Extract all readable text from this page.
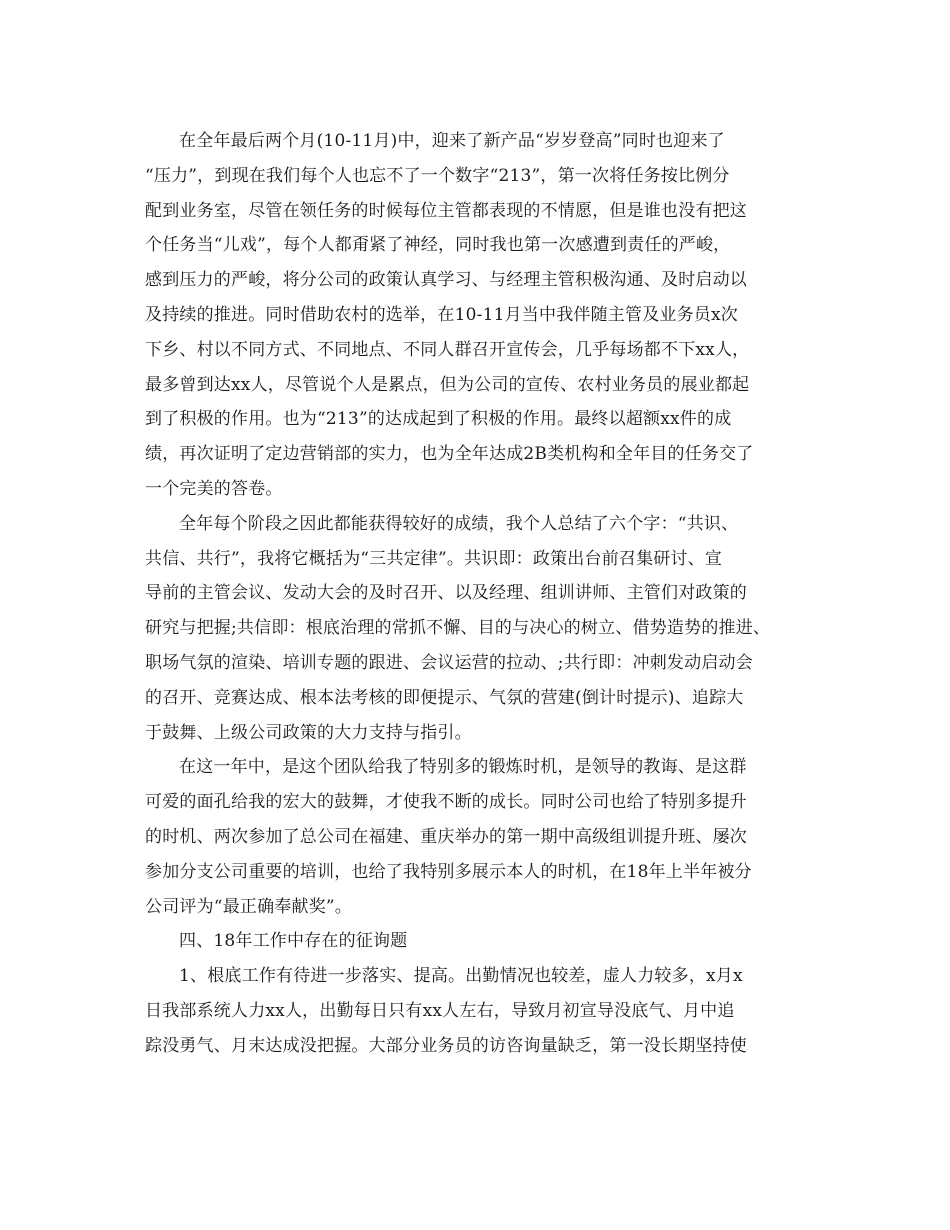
在全年最后两个月(10-11月)中，迎来了新产品“岁岁登高”同时也迎来了
“压力”，到现在我们每个人也忘不了一个数字“213”，第一次将任务按比例分
配到业务室，尽管在领任务的时候每位主管都表现的不情愿，但是谁也没有把这
个任务当“儿戏”，每个人都甭紧了神经，同时我也第一次感遭到责任的严峻，
感到压力的严峻，将分公司的政策认真学习、与经理主管积极沟通、及时启动以
及持续的推进。同时借助农村的选举，在10-11月当中我伴随主管及业务员x次
下乡、村以不同方式、不同地点、不同人群召开宣传会，几乎每场都不下xx人，
最多曾到达xx人，尽管说个人是累点，但为公司的宣传、农村业务员的展业都起
到了积极的作用。也为“213”的达成起到了积极的作用。最终以超额xx件的成
绩，再次证明了定边营销部的实力，也为全年达成2B类机构和全年目的任务交了
一个完美的答卷。
全年每个阶段之因此都能获得较好的成绩，我个人总结了六个字：“共识、
共信、共行”，我将它概括为“三共定律”。共识即：政策出台前召集研讨、宣
导前的主管会议、发动大会的及时召开、以及经理、组训讲师、主管们对政策的
研究与把握;共信即：根底治理的常抓不懈、目的与决心的树立、借势造势的推进、
职场气氛的渲染、培训专题的跟进、会议运营的拉动、;共行即：冲刺发动启动会
的召开、竞赛达成、根本法考核的即便提示、气氛的营建(倒计时提示)、追踪大
于鼓舞、上级公司政策的大力支持与指引。
在这一年中，是这个团队给我了特别多的锻炼时机，是领导的教诲、是这群
可爱的面孔给我的宏大的鼓舞，才使我不断的成长。同时公司也给了特别多提升
的时机、两次参加了总公司在福建、重庆举办的第一期中高级组训提升班、屡次
参加分支公司重要的培训，也给了我特别多展示本人的时机，在18年上半年被分
公司评为“最正确奉献奖”。
四、18年工作中存在的征询题
1、根底工作有待进一步落实、提高。出勤情况也较差，虚人力较多，x月x
日我部系统人力xx人，出勤每日只有xx人左右，导致月初宣导没底气、月中追
踪没勇气、月末达成没把握。大部分业务员的访咨询量缺乏，第一没长期坚持使
